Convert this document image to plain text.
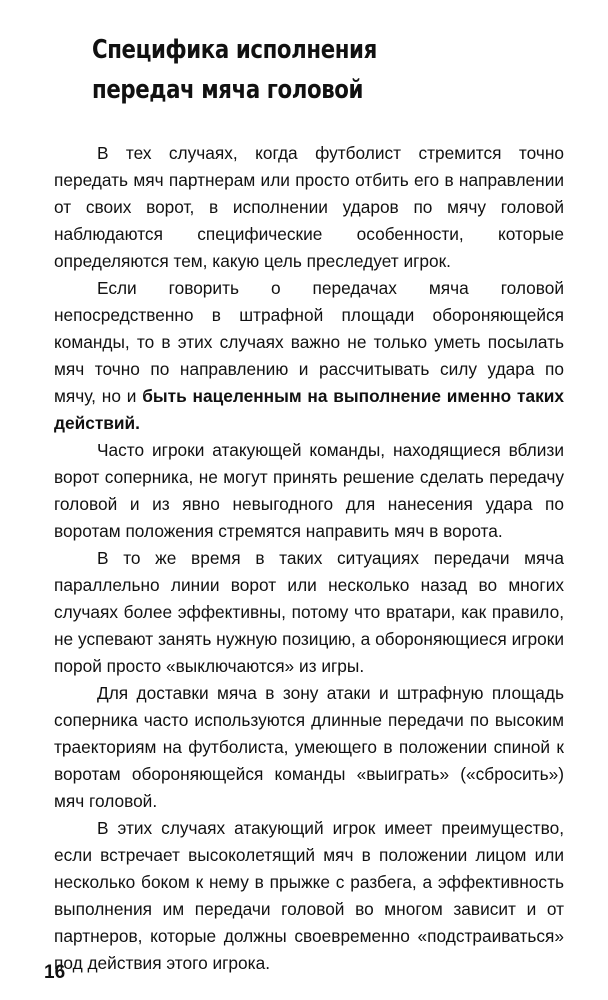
Специфика исполнения
передач мяча головой

В тех случаях, когда футболист стремится точно передать мяч партнерам или просто отбить его в направлении от своих ворот, в исполнении ударов по мячу головой наблюдаются специфические особенности, которые определяются тем, какую цель преследует игрок.

Если говорить о передачах мяча головой непосредственно в штрафной площади обороняющейся команды, то в этих случаях важно не только уметь посылать мяч точно по направлению и рассчитывать силу удара по мячу, но и быть нацеленным на выполнение именно таких действий.

Часто игроки атакующей команды, находящиеся вблизи ворот соперника, не могут принять решение сделать передачу головой и из явно невыгодного для нанесения удара по воротам положения стремятся направить мяч в ворота.

В то же время в таких ситуациях передачи мяча параллельно линии ворот или несколько назад во многих случаях более эффективны, потому что вратари, как правило, не успевают занять нужную позицию, а обороняющиеся игроки порой просто «выключаются» из игры.

Для доставки мяча в зону атаки и штрафную площадь соперника часто используются длинные передачи по высоким траекториям на футболиста, умеющего в положении спиной к воротам обороняющейся команды «выиграть» («сбросить») мяч головой.

В этих случаях атакующий игрок имеет преимущество, если встречает высоколетящий мяч в положении лицом или несколько боком к нему в прыжке с разбега, а эффективность выполнения им передачи головой во многом зависит и от партнеров, которые должны своевременно «подстраиваться» под действия этого игрока.

16
